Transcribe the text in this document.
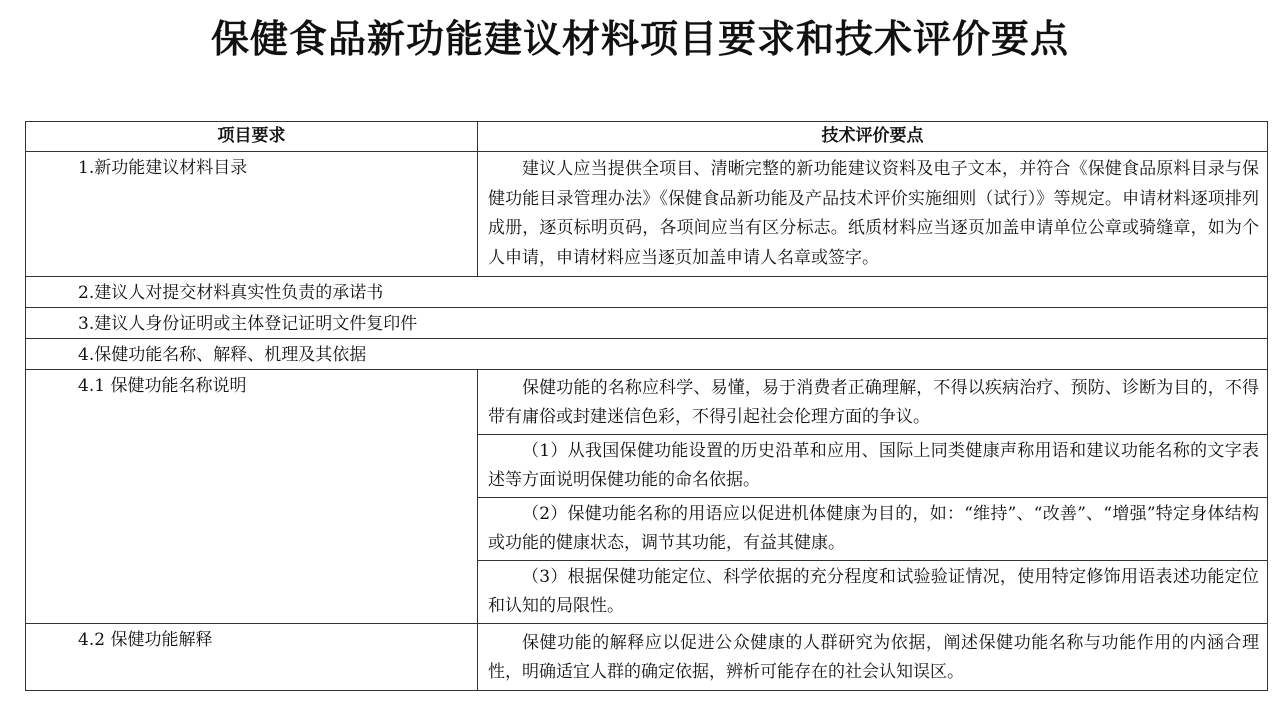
保健食品新功能建议材料项目要求和技术评价要点
项目要求	技术评价要点
1.新功能建议材料目录	建议人应当提供全项目、清晰完整的新功能建议资料及电子文本，并符合《保健食品原料目录与保健功能目录管理办法》《保健食品新功能及产品技术评价实施细则（试行）》等规定。申请材料逐项排列成册，逐页标明页码，各项间应当有区分标志。纸质材料应当逐页加盖申请单位公章或骑缝章，如为个人申请，申请材料应当逐页加盖申请人名章或签字。
2.建议人对提交材料真实性负责的承诺书	
3.建议人身份证明或主体登记证明文件复印件	
4.保健功能名称、解释、机理及其依据	
4.1 保健功能名称说明	保健功能的名称应科学、易懂，易于消费者正确理解，不得以疾病治疗、预防、诊断为目的，不得带有庸俗或封建迷信色彩，不得引起社会伦理方面的争议。
	（1）从我国保健功能设置的历史沿革和应用、国际上同类健康声称用语和建议功能名称的文字表述等方面说明保健功能的命名依据。
	（2）保健功能名称的用语应以促进机体健康为目的，如：“维持”、“改善”、“增强”特定身体结构或功能的健康状态，调节其功能，有益其健康。
	（3）根据保健功能定位、科学依据的充分程度和试验验证情况，使用特定修饰用语表述功能定位和认知的局限性。
4.2 保健功能解释	保健功能的解释应以促进公众健康的人群研究为依据，阐述保健功能名称与功能作用的内涵合理性，明确适宜人群的确定依据，辨析可能存在的社会认知误区。
